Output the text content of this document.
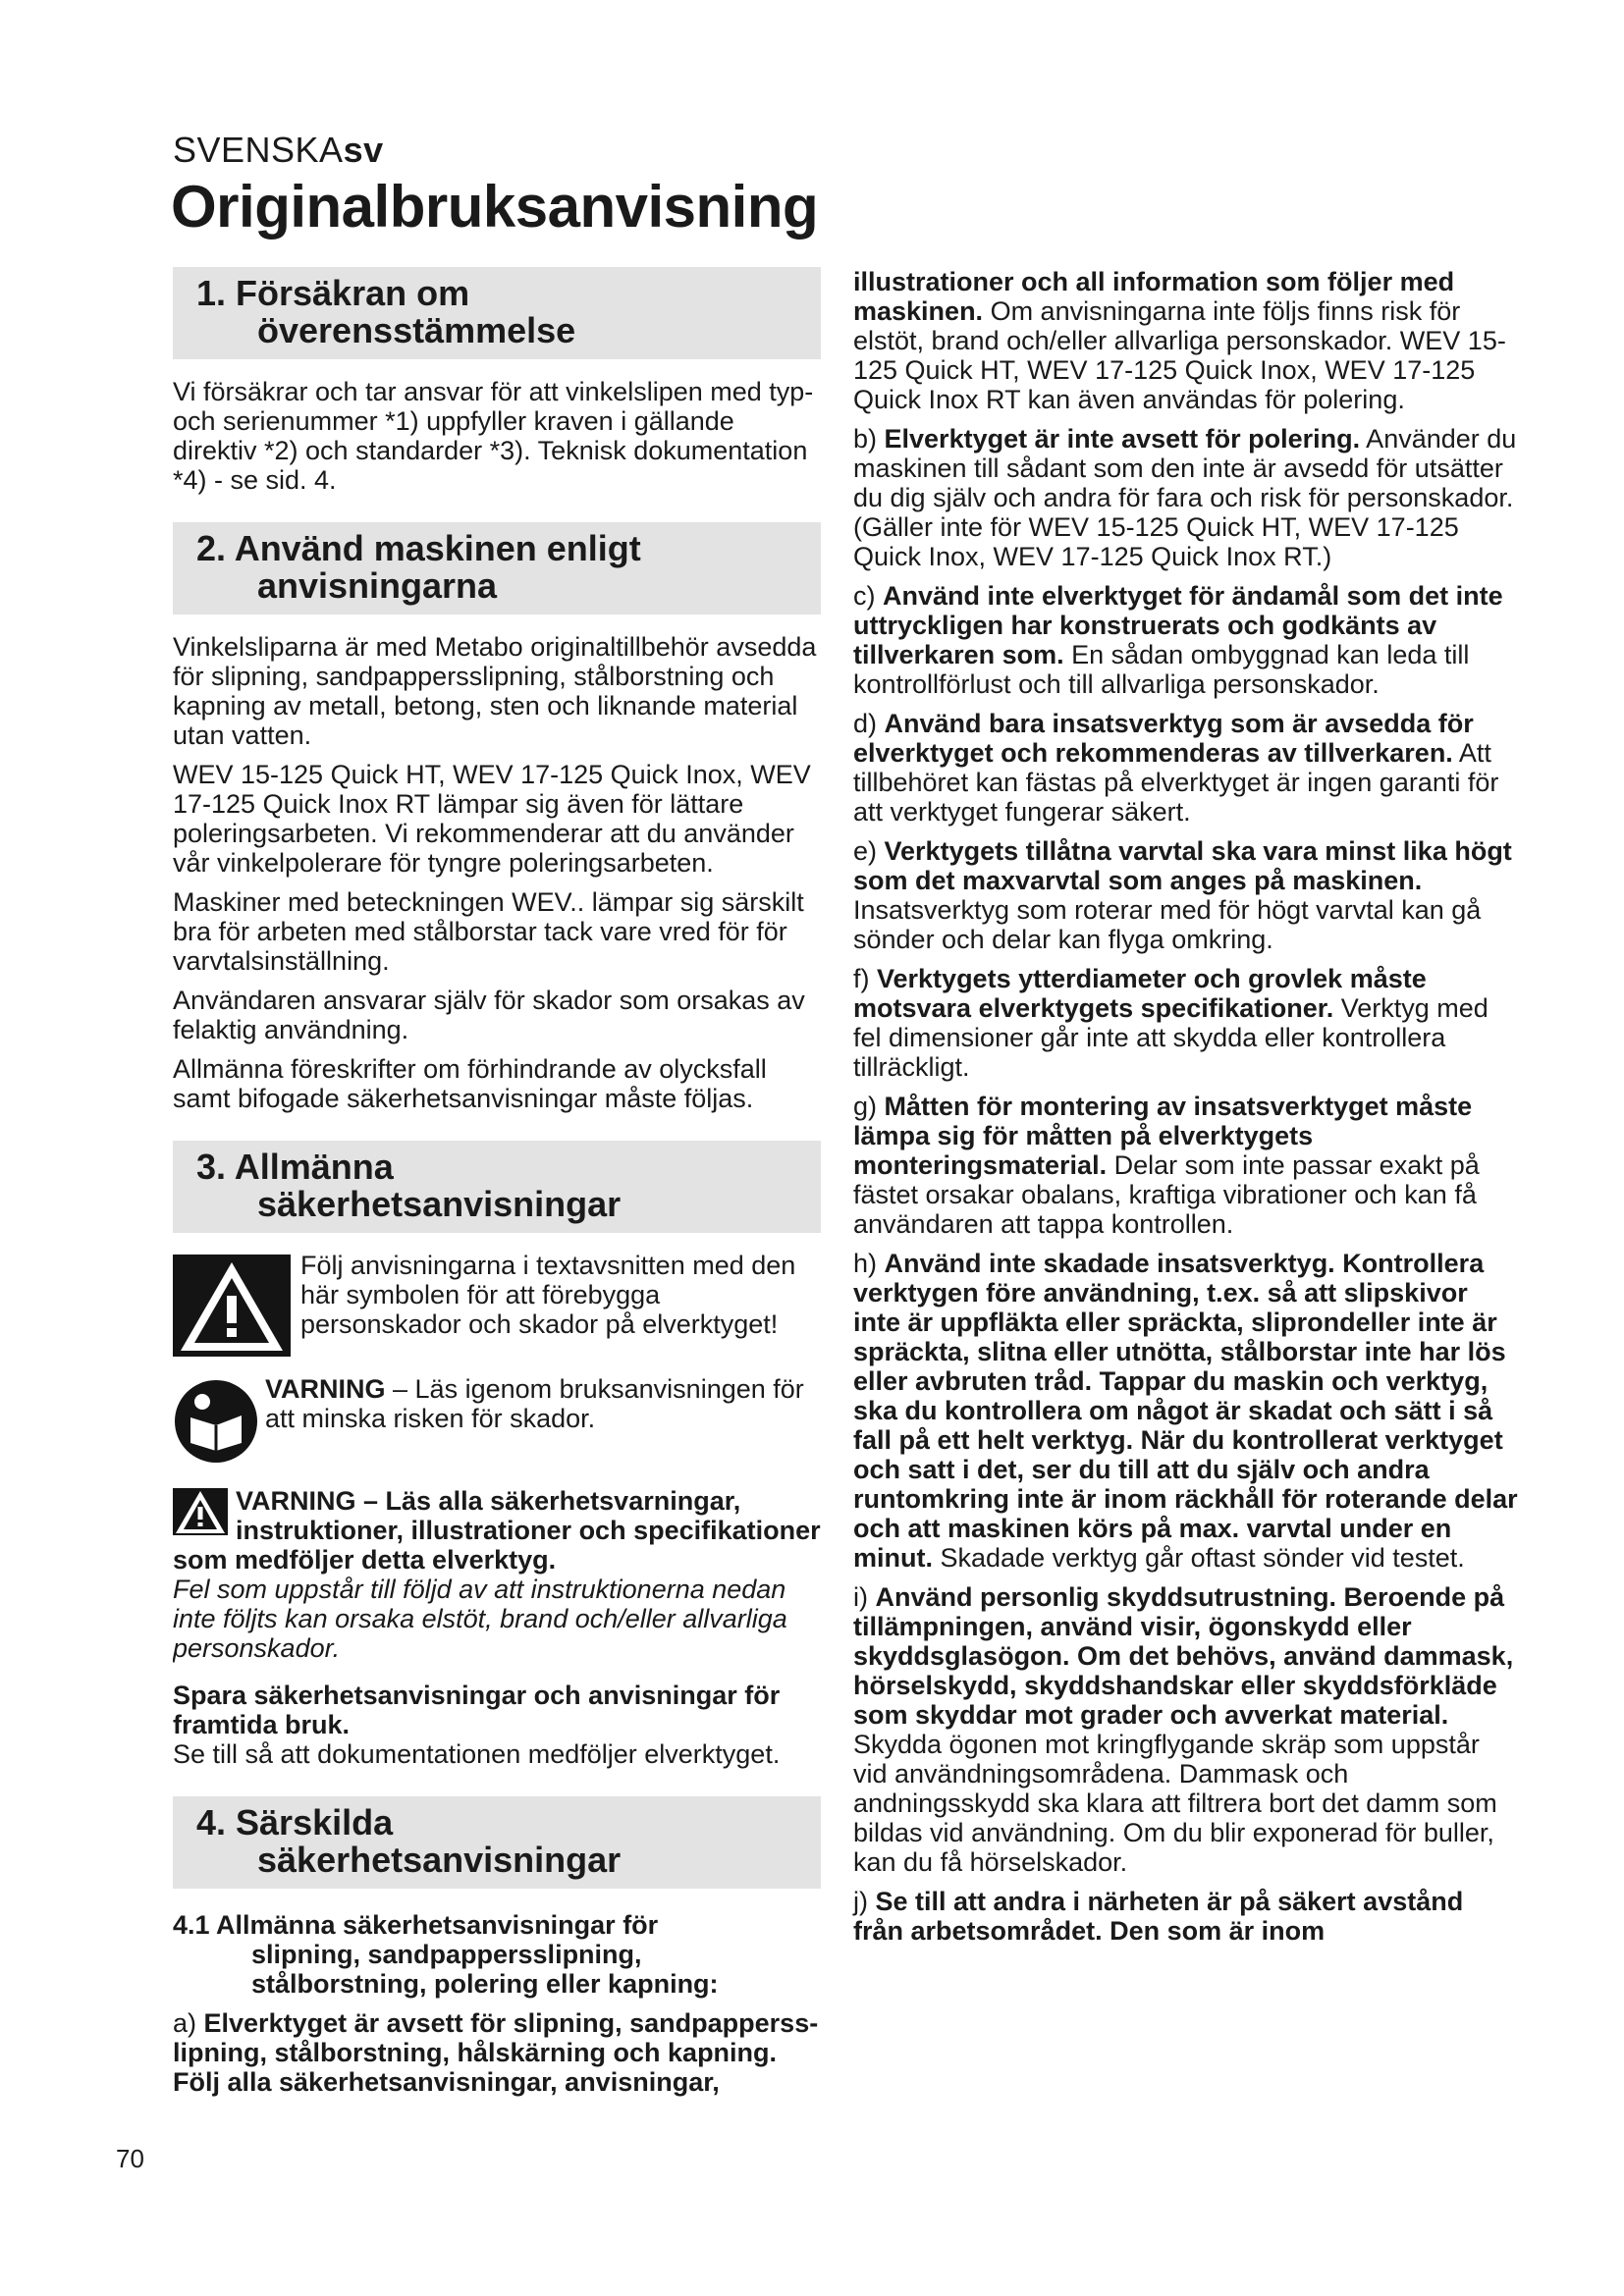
SVENSKAsv
Originalbruksanvisning
1. Försäkran om
överensstämmelse

Vi försäkrar och tar ansvar för att vinkelslipen med typ- och serienummer *1) uppfyller kraven i gällande direktiv *2) och standarder *3). Teknisk dokumentation *4) - se sid. 4.

2. Använd maskinen enligt
anvisningarna

Vinkelsliparna är med Metabo originaltillbehör avsedda för slipning, sandpappersslipning, stålborstning och kapning av metall, betong, sten och liknande material utan vatten.

WEV 15-125 Quick HT, WEV 17-125 Quick Inox, WEV 17-125 Quick Inox RT lämpar sig även för lättare poleringsarbeten. Vi rekommenderar att du använder vår vinkelpolerare för tyngre poleringsarbeten.

Maskiner med beteckningen WEV.. lämpar sig särskilt bra för arbeten med stålborstar tack vare vred för för varvtalsinställning.

Användaren ansvarar själv för skador som orsakas av felaktig användning.

Allmänna föreskrifter om förhindrande av olycksfall samt bifogade säkerhetsanvisningar måste följas.

3. Allmänna
säkerhetsanvisningar
Följ anvisningarna i textavsnitten med den här symbolen för att förebygga personskador och skador på elverktyget!
VARNING – Läs igenom bruksanvisningen för att minska risken för skador.
VARNING – Läs alla säkerhetsvarningar, instruktioner, illustrationer och specifikationer som medföljer detta elverktyg.
Fel som uppstår till följd av att instruktionerna nedan inte följts kan orsaka elstöt, brand och/eller allvarliga personskador.

Spara säkerhetsanvisningar och anvisningar för framtida bruk.
Se till så att dokumentationen medföljer elverktyget.

4. Särskilda
säkerhetsanvisningar

4.1 Allmänna säkerhetsanvisningar för
slipning, sandpappersslipning,
stålborstning, polering eller kapning:

a) Elverktyget är avsett för slipning, sandpappersslipning, stålborstning, hålskärning och kapning. Följ alla säkerhetsanvisningar, anvisningar,

illustrationer och all information som följer med maskinen. Om anvisningarna inte följs finns risk för elstöt, brand och/eller allvarliga personskador. WEV 15-125 Quick HT, WEV 17-125 Quick Inox, WEV 17-125 Quick Inox RT kan även användas för polering.

b) Elverktyget är inte avsett för polering. Använder du maskinen till sådant som den inte är avsedd för utsätter du dig själv och andra för fara och risk för personskador. (Gäller inte för WEV 15-125 Quick HT, WEV 17-125 Quick Inox, WEV 17-125 Quick Inox RT.)

c) Använd inte elverktyget för ändamål som det inte uttryckligen har konstruerats och godkänts av tillverkaren som. En sådan ombyggnad kan leda till kontrollförlust och till allvarliga personskador.

d) Använd bara insatsverktyg som är avsedda för elverktyget och rekommenderas av tillverkaren. Att tillbehöret kan fästas på elverktyget är ingen garanti för att verktyget fungerar säkert.

e) Verktygets tillåtna varvtal ska vara minst lika högt som det maxvarvtal som anges på maskinen. Insatsverktyg som roterar med för högt varvtal kan gå sönder och delar kan flyga omkring.

f) Verktygets ytterdiameter och grovlek måste motsvara elverktygets specifikationer. Verktyg med fel dimensioner går inte att skydda eller kontrollera tillräckligt.

g) Måtten för montering av insatsverktyget måste lämpa sig för måtten på elverktygets monteringsmaterial. Delar som inte passar exakt på fästet orsakar obalans, kraftiga vibrationer och kan få användaren att tappa kontrollen.

h) Använd inte skadade insatsverktyg. Kontrollera verktygen före användning, t.ex. så att slipskivor inte är uppfläkta eller spräckta, sliprondeller inte är spräckta, slitna eller utnötta, stålborstar inte har lös eller avbruten tråd. Tappar du maskin och verktyg, ska du kontrollera om något är skadat och sätt i så fall på ett helt verktyg. När du kontrollerat verktyget och satt i det, ser du till att du själv och andra runtomkring inte är inom räckhåll för roterande delar och att maskinen körs på max. varvtal under en minut. Skadade verktyg går oftast sönder vid testet.

i) Använd personlig skyddsutrustning. Beroende på tillämpningen, använd visir, ögonskydd eller skyddsglasögon. Om det behövs, använd dammask, hörselskydd, skyddshandskar eller skyddsförkläde som skyddar mot grader och avverkat material. Skydda ögonen mot kringflygande skräp som uppstår vid användningsområdena. Dammask och andningsskydd ska klara att filtrera bort det damm som bildas vid användning. Om du blir exponerad för buller, kan du få hörselskador.

j) Se till att andra i närheten är på säkert avstånd från arbetsområdet. Den som är inom

70
